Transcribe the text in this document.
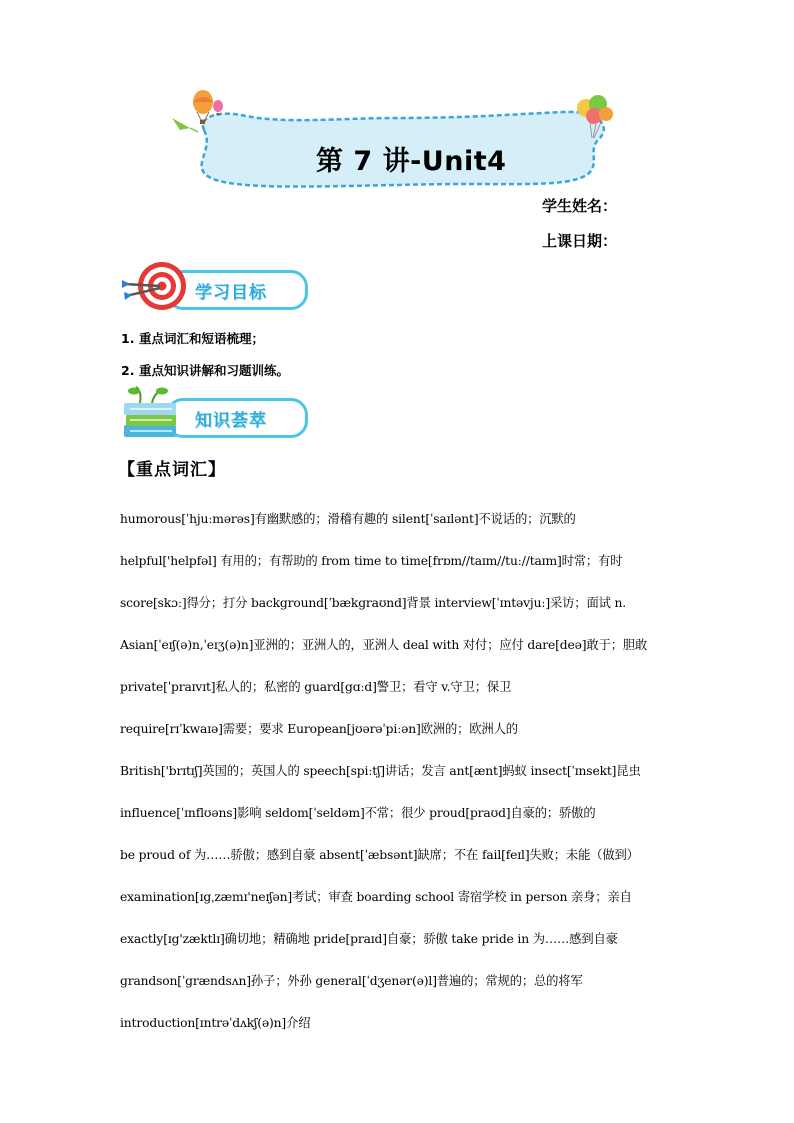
第 7 讲-Unit4
学生姓名：
上课日期：
学习目标
1. 重点词汇和短语梳理；
2. 重点知识讲解和习题训练。
知识荟萃
【重点词汇】
humorous[ˈhjuːmərəs]有幽默感的；滑稽有趣的 silent[ˈsaɪlənt]不说话的；沉默的
helpful['helpfəl] 有用的；有帮助的 from time to time[frɒm//taɪm//tuː//taɪm]时常；有时
score[skɔː]得分；打分 background[ˈbækgraʊnd]背景 interview[ˈɪntəvjuː]采访；面试 n.
Asian[ˈeɪʃ(ə)n,ˈeɪʒ(ə)n]亚洲的；亚洲人的，亚洲人 deal with 对付；应付 dare[deə]敢于；胆敢
private[ˈpraɪvɪt]私人的；私密的 guard[gɑːd]警卫；看守 v.守卫；保卫
require[rɪˈkwaɪə]需要；要求 European[jʊərəˈpiːən]欧洲的；欧洲人的
British['brɪtɪʃ]英国的；英国人的 speech[spiːtʃ]讲话；发言 ant[ænt]蚂蚁 insect[ˈɪnsekt]昆虫
influence[ˈɪnflʊəns]影响 seldom[ˈseldəm]不常；很少 proud[praʊd]自豪的；骄傲的
be proud of 为……骄傲；感到自豪 absent[ˈæbsənt]缺席；不在 fail[feɪl]失败；未能（做到）
examination[ɪgˌzæmɪ'neɪʃən]考试；审查 boarding school 寄宿学校 in person 亲身；亲自
exactly[ɪg'zæktlɪ]确切地；精确地 pride[praɪd]自豪；骄傲 take pride in 为……感到自豪
grandson[ˈgrændsʌn]孙子；外孙 general[ˈdʒenər(ə)l]普遍的；常规的；总的将军
introduction[ɪntrəˈdʌkʃ(ə)n]介绍
